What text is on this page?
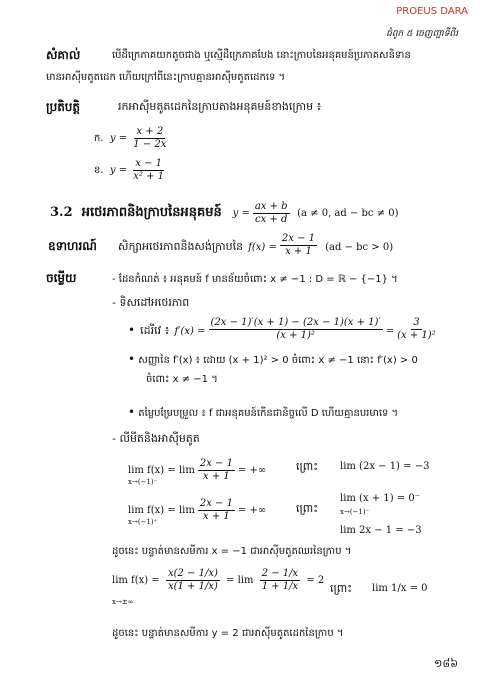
PROEUS DARA
ជំពូក ៥ ចេញញ្ជាទីពីរ
សំគាល់	បើដឺក្រេភាគយកតូចជាង ឬស្មើដឺក្រេភាគបែង នោះក្រាបនៃអនុគមន៍ប្រភាគសនិទាន
មានអាស៊ីមតូតដេក ហើយក្រៅពីនេះក្រាបគ្មានអាស៊ីមតូតដេកទេ ។
ប្រតិបត្តិ	រកអាស៊ីមតូតដេកនៃក្រាបតាងអនុគមន៍ខាងក្រោម ៖
ក. $y = \frac{x + 2}{1 - 2x}$
ខ. $y = \frac{x - 1}{\text{x² + 1}}$
3.2 អថេរភាពនិងក្រាបនៃអនុគមន៍ $y = \frac{ax + b}{cx + d} (a \ne 0$, ad − bc ≠ 0)
ឧទាហរណ៍ សិក្សាអថេរភាពនិងសង់ក្រាបនៃ $f(x) = \frac{2x - 1}{x + 1} (ad$ − bc > 0)
ចម្លើយ	- ដែនកំណត់ ៖ អនុគមន៍ f មានន័យចំពោះ x ≠ −1 : D = ℝ − {−1} ។
- ទិសដៅអថេរភាព
• ដេរីវេ ៖ $f'(x) = \frac{(2x - 1)'(x + 1) - (2x - 1)(x + 1)'}{\text{(x + 1)²}} = \frac{3}{\text{(x + 1)²}}$
• សញ្ញានៃ f′(x) ៖ ដោយ (x + 1)² > 0 ចំពោះ x ≠ −1 នោះ f′(x) > 0
ចំពោះ x ≠ −1 ។
• តម្លៃបម្រែបម្រួល ៖ f ជាអនុគមន៍កើនជានិច្ចលើ D ហើយគ្មានបរមាទេ ។
- លីមីតនិងអាស៊ីមតូត
$\lim f(x) = \lim \frac{2x - 1}{x + 1}$ = +∞
x→(−1)⁻
ព្រោះ lim (2x − 1) = −3
lim (x + 1) = 0⁻
x→(−1)⁻
$\lim f(x) = \lim \frac{2x - 1}{x + 1}$ = +∞
x→(−1)⁺
ព្រោះ
lim 2x − 1 = −3
ដូចនេះ បន្ទាត់មានសមីការ x = −1 ជាអាស៊ីមតូតឈរនៃក្រាប ។
$\lim f(x) = \frac{x(2 - 1/x)}{x(1 + 1/x)} = \lim \frac{2 - 1/x}{1 + 1/x} = 2$
x→±∞
ព្រោះ lim 1/x = 0
ដូចនេះ បន្ទាត់មានសមីការ y = 2 ជាអាស៊ីមតូតដេកនៃក្រាប ។
១៨៦
